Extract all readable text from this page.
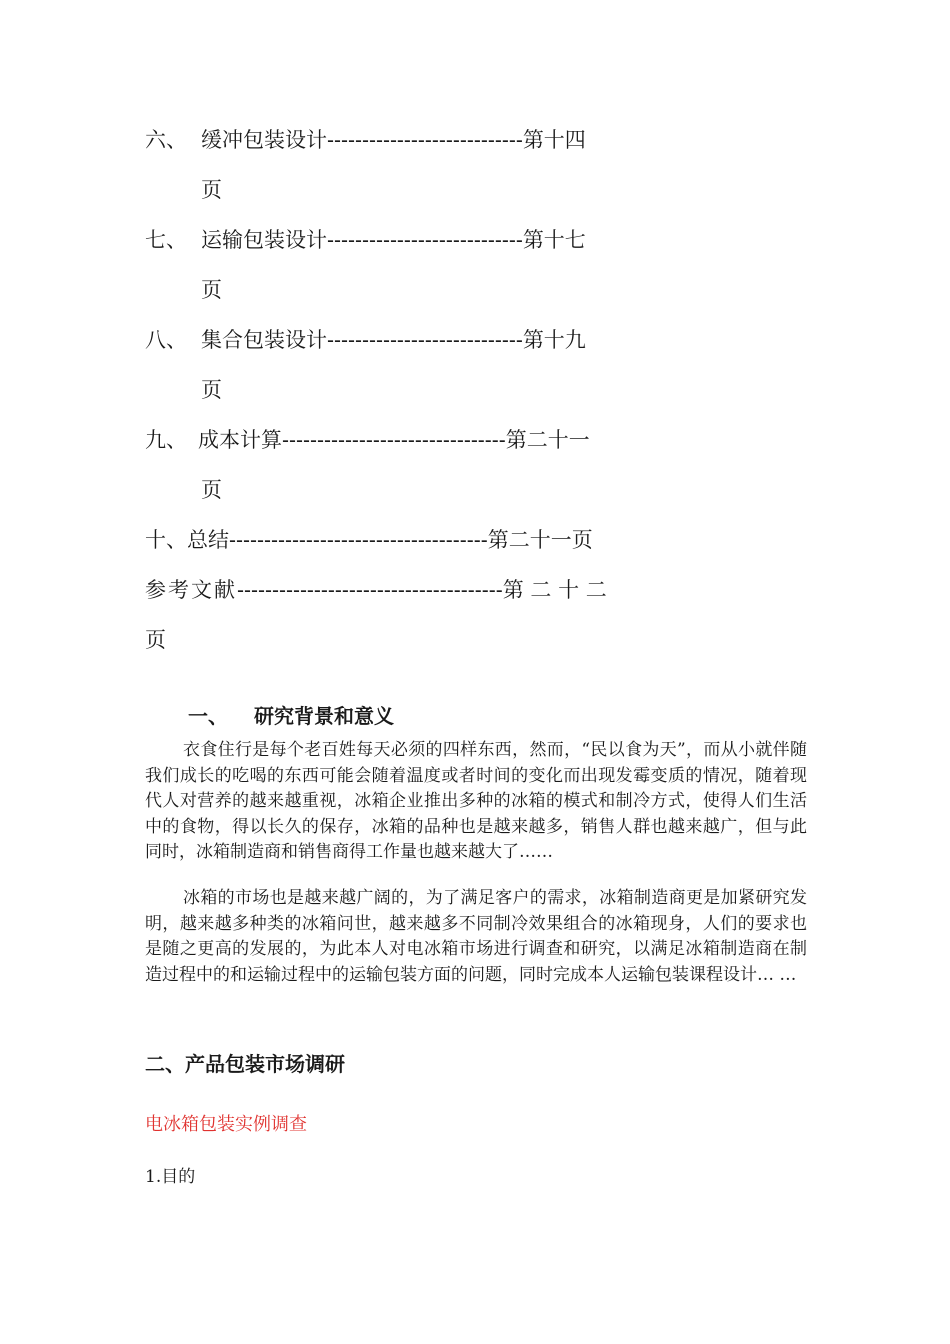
六、 缓冲包装设计----------------------------第十四
页
七、 运输包装设计----------------------------第十七
页
八、 集合包装设计----------------------------第十九
页
九、 成本计算--------------------------------第二十一
页
十、总结-------------------------------------第二十一页
参考文献--------------------------------------第 二 十 二
页
一、 研究背景和意义

衣食住行是每个老百姓每天必须的四样东西，然而，“民以食为天”，而从小就伴随我们成长的吃喝的东西可能会随着温度或者时间的变化而出现发霉变质的情况，随着现代人对营养的越来越重视，冰箱企业推出多种的冰箱的模式和制冷方式，使得人们生活中的食物，得以长久的保存，冰箱的品种也是越来越多，销售人群也越来越广，但与此同时，冰箱制造商和销售商得工作量也越来越大了……

冰箱的市场也是越来越广阔的，为了满足客户的需求，冰箱制造商更是加紧研究发明，越来越多种类的冰箱问世，越来越多不同制冷效果组合的冰箱现身，人们的要求也是随之更高的发展的，为此本人对电冰箱市场进行调查和研究，以满足冰箱制造商在制造过程中的和运输过程中的运输包装方面的问题，同时完成本人运输包装课程设计… …

二、产品包装市场调研
电冰箱包装实例调查
1.目的
